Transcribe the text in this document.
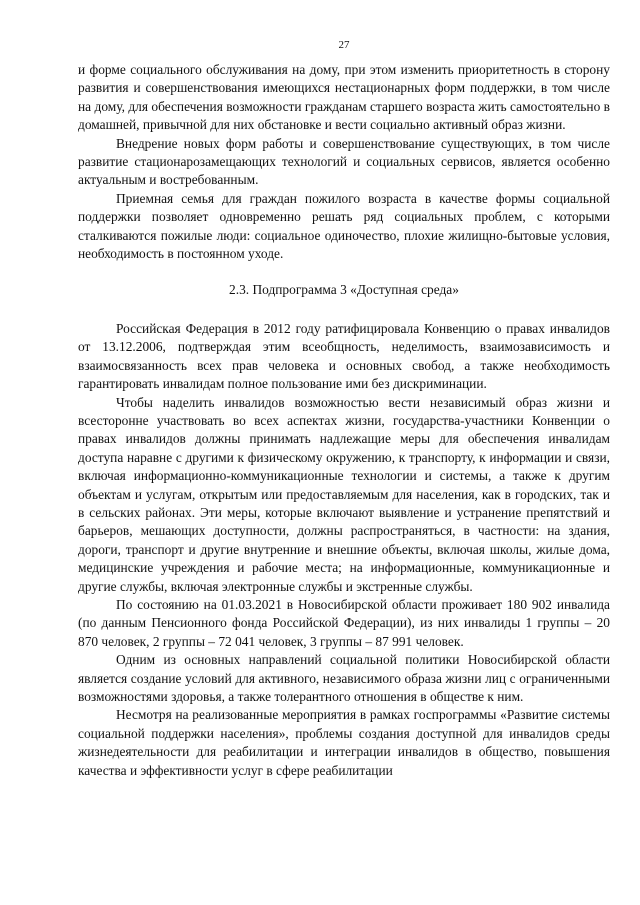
27

и форме социального обслуживания на дому, при этом изменить приоритетность в сторону развития и совершенствования имеющихся нестационарных форм поддержки, в том числе на дому, для обеспечения возможности гражданам старшего возраста жить самостоятельно в домашней, привычной для них обстановке и вести социально активный образ жизни.

Внедрение новых форм работы и совершенствование существующих, в том числе развитие стационарозамещающих технологий и социальных сервисов, является особенно актуальным и востребованным.

Приемная семья для граждан пожилого возраста в качестве формы социальной поддержки позволяет одновременно решать ряд социальных проблем, с которыми сталкиваются пожилые люди: социальное одиночество, плохие жилищно-бытовые условия, необходимость в постоянном уходе.

2.3. Подпрограмма 3 «Доступная среда»

Российская Федерация в 2012 году ратифицировала Конвенцию о правах инвалидов от 13.12.2006, подтверждая этим всеобщность, неделимость, взаимозависимость и взаимосвязанность всех прав человека и основных свобод, а также необходимость гарантировать инвалидам полное пользование ими без дискриминации.

Чтобы наделить инвалидов возможностью вести независимый образ жизни и всесторонне участвовать во всех аспектах жизни, государства-участники Конвенции о правах инвалидов должны принимать надлежащие меры для обеспечения инвалидам доступа наравне с другими к физическому окружению, к транспорту, к информации и связи, включая информационно-коммуникационные технологии и системы, а также к другим объектам и услугам, открытым или предоставляемым для населения, как в городских, так и в сельских районах. Эти меры, которые включают выявление и устранение препятствий и барьеров, мешающих доступности, должны распространяться, в частности: на здания, дороги, транспорт и другие внутренние и внешние объекты, включая школы, жилые дома, медицинские учреждения и рабочие места; на информационные, коммуникационные и другие службы, включая электронные службы и экстренные службы.

По состоянию на 01.03.2021 в Новосибирской области проживает 180 902 инвалида (по данным Пенсионного фонда Российской Федерации), из них инвалиды 1 группы – 20 870 человек, 2 группы – 72 041 человек, 3 группы – 87 991 человек.

Одним из основных направлений социальной политики Новосибирской области является создание условий для активного, независимого образа жизни лиц с ограниченными возможностями здоровья, а также толерантного отношения в обществе к ним.

Несмотря на реализованные мероприятия в рамках госпрограммы «Развитие системы социальной поддержки населения», проблемы создания доступной для инвалидов среды жизнедеятельности для реабилитации и интеграции инвалидов в общество, повышения качества и эффективности услуг в сфере реабилитации
